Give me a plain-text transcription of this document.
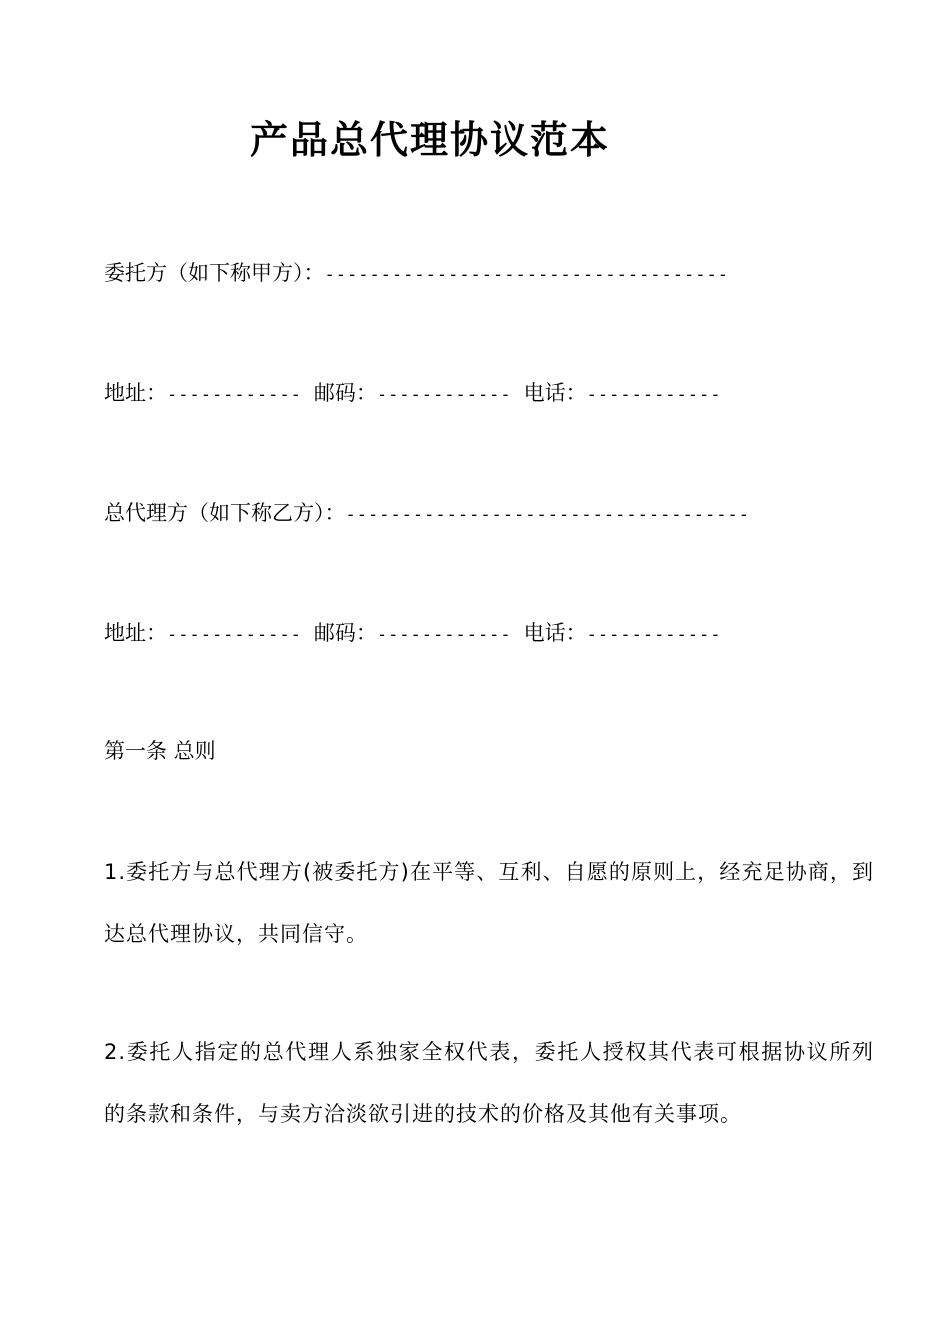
产品总代理协议范本
委托方（如下称甲方）：------------------------------------
地址：------------ 邮码：------------ 电话：------------
总代理方（如下称乙方）：------------------------------------
地址：------------ 邮码：------------ 电话：------------
第一条 总则
1.委托方与总代理方(被委托方)在平等、互利、自愿的原则上，经充足协商，到达总代理协议，共同信守。
2.委托人指定的总代理人系独家全权代表，委托人授权其代表可根据协议所列的条款和条件，与卖方洽淡欲引进的技术的价格及其他有关事项。
